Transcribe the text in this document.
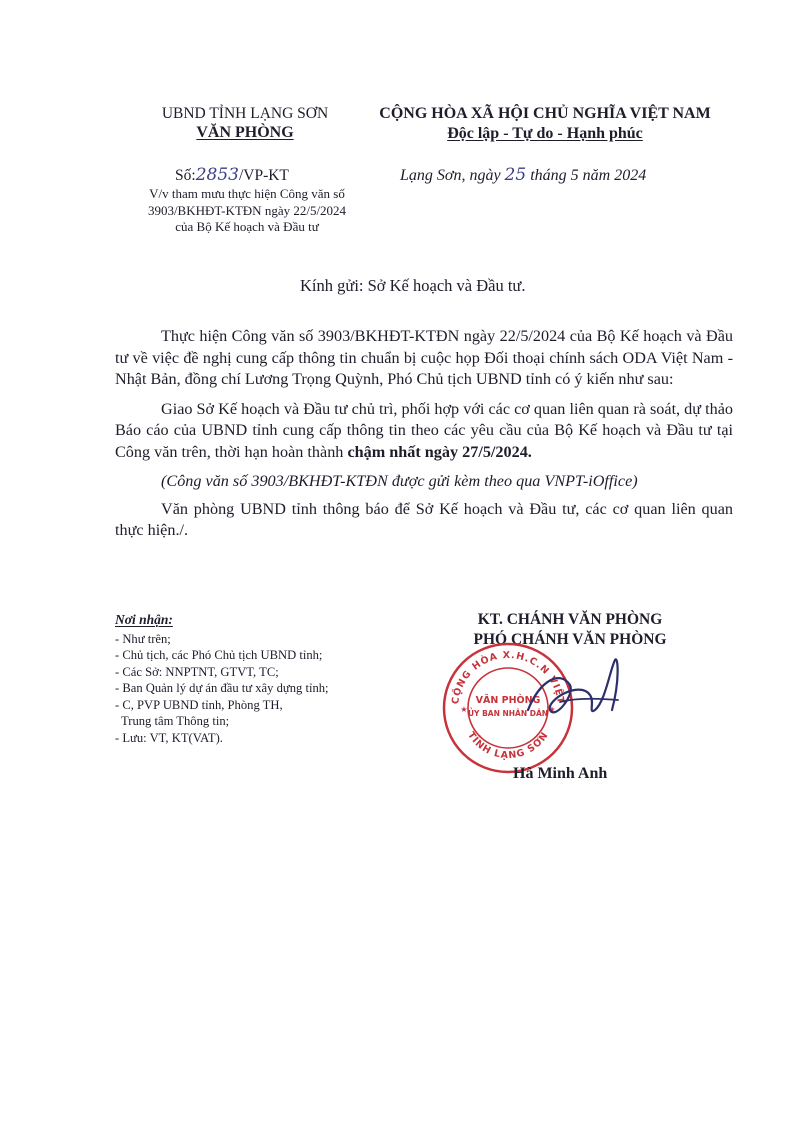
UBND TỈNH LẠNG SƠN
VĂN PHÒNG
Số:2853/VP-KT
V/v tham mưu thực hiện Công văn số
3903/BKHĐT-KTĐN ngày 22/5/2024
của Bộ Kế hoạch và Đầu tư
CỘNG HÒA XÃ HỘI CHỦ NGHĨA VIỆT NAM
Độc lập - Tự do - Hạnh phúc
Lạng Sơn, ngày 25 tháng 5 năm 2024
Kính gửi: Sở Kế hoạch và Đầu tư.

Thực hiện Công văn số 3903/BKHĐT-KTĐN ngày 22/5/2024 của Bộ Kế hoạch và Đầu tư về việc đề nghị cung cấp thông tin chuẩn bị cuộc họp Đối thoại chính sách ODA Việt Nam - Nhật Bản, đồng chí Lương Trọng Quỳnh, Phó Chủ tịch UBND tỉnh có ý kiến như sau:

Giao Sở Kế hoạch và Đầu tư chủ trì, phối hợp với các cơ quan liên quan rà soát, dự thảo Báo cáo của UBND tỉnh cung cấp thông tin theo các yêu cầu của Bộ Kế hoạch và Đầu tư tại Công văn trên, thời hạn hoàn thành chậm nhất ngày 27/5/2024.

(Công văn số 3903/BKHĐT-KTĐN được gửi kèm theo qua VNPT-iOffice)

Văn phòng UBND tỉnh thông báo để Sở Kế hoạch và Đầu tư, các cơ quan liên quan thực hiện./.

Nơi nhận:
- Như trên;
- Chủ tịch, các Phó Chủ tịch UBND tỉnh;
- Các Sở: NNPTNT, GTVT, TC;
- Ban Quản lý dự án đầu tư xây dựng tỉnh;
- C, PVP UBND tỉnh, Phòng TH,
Trung tâm Thông tin;
- Lưu: VT, KT(VAT).
KT. CHÁNH VĂN PHÒNG
PHÓ CHÁNH VĂN PHÒNG
CỘNG HÒA X.H.C.N VIỆT
TỈNH LẠNG SƠN
VĂN PHÒNG
ỦY BAN NHÂN DÂN
★	★
Hà Minh Anh
